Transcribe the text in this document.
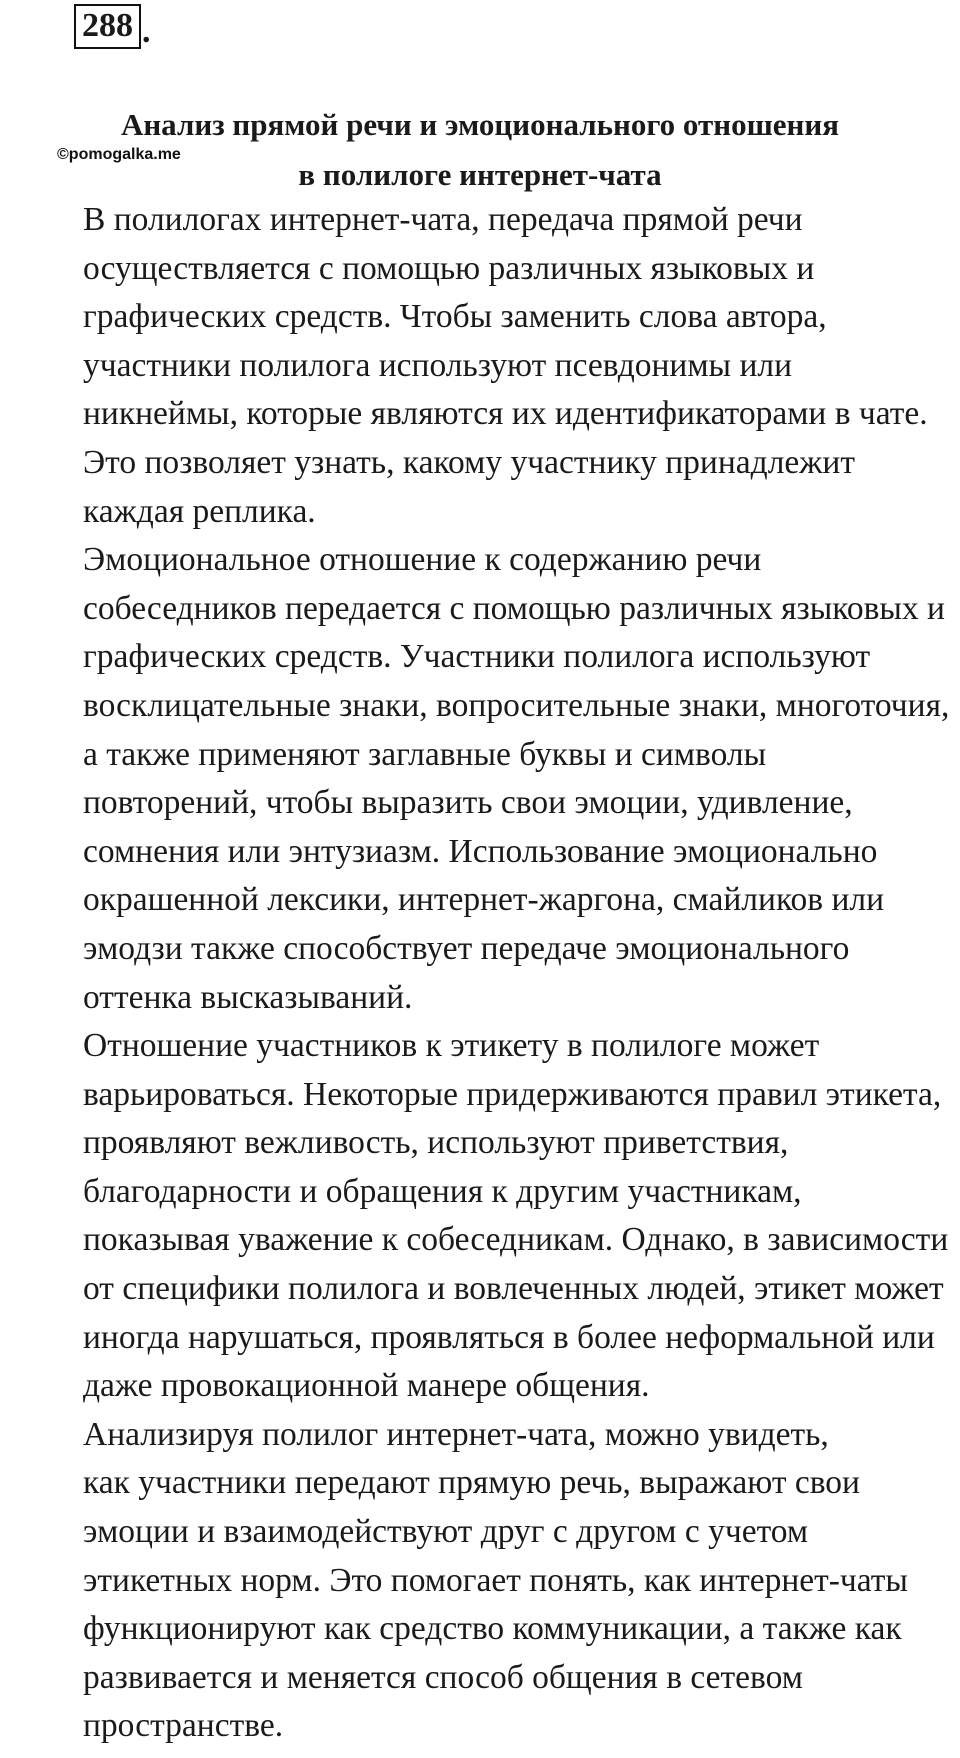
288 .
Анализ прямой речи и эмоционального отношения
в полилоге интернет-чата
©pomogalka.me

В полилогах интернет-чата, передача прямой речи
осуществляется с помощью различных языковых и
графических средств. Чтобы заменить слова автора,
участники полилога используют псевдонимы или
никнеймы, которые являются их идентификаторами в чате.
Это позволяет узнать, какому участнику принадлежит
каждая реплика.

Эмоциональное отношение к содержанию речи
собеседников передается с помощью различных языковых и
графических средств. Участники полилога используют
восклицательные знаки, вопросительные знаки, многоточия,
а также применяют заглавные буквы и символы
повторений, чтобы выразить свои эмоции, удивление,
сомнения или энтузиазм. Использование эмоционально
окрашенной лексики, интернет-жаргона, смайликов или
эмодзи также способствует передаче эмоционального
оттенка высказываний.

Отношение участников к этикету в полилоге может
варьироваться. Некоторые придерживаются правил этикета,
проявляют вежливость, используют приветствия,
благодарности и обращения к другим участникам,
показывая уважение к собеседникам. Однако, в зависимости
от специфики полилога и вовлеченных людей, этикет может
иногда нарушаться, проявляться в более неформальной или
даже провокационной манере общения.

Анализируя полилог интернет-чата, можно увидеть,
как участники передают прямую речь, выражают свои
эмоции и взаимодействуют друг с другом с учетом
этикетных норм. Это помогает понять, как интернет-чаты
функционируют как средство коммуникации, а также как
развивается и меняется способ общения в сетевом
пространстве.
